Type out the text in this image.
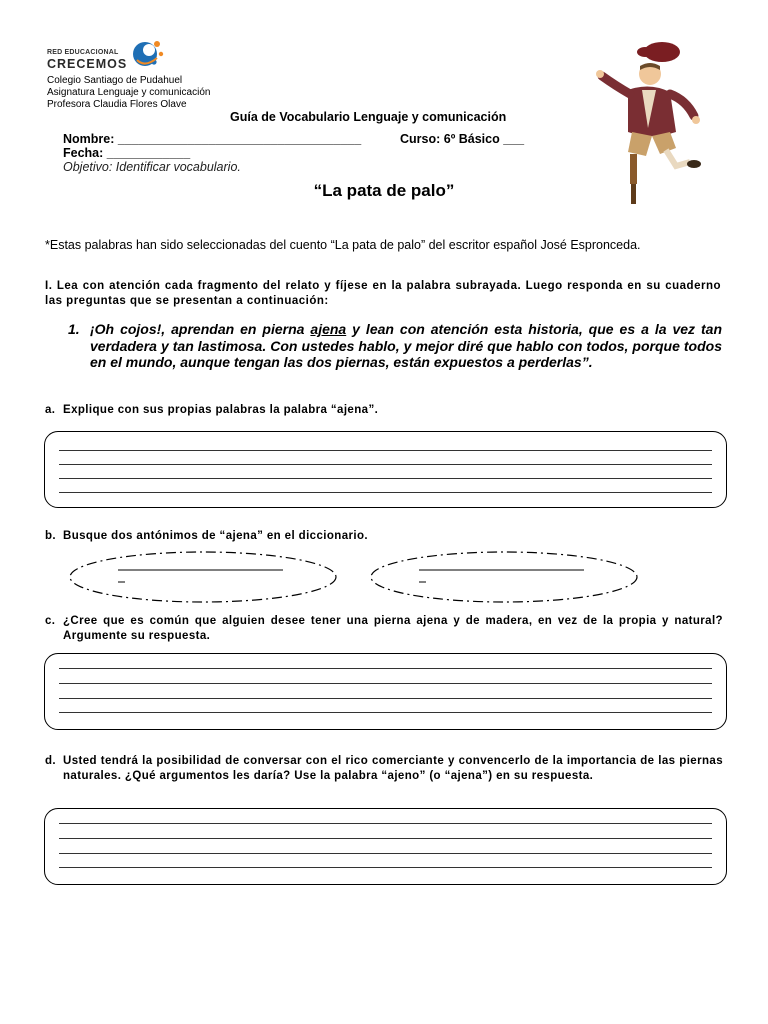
RED EDUCACIONAL
CRECEMOS
Colegio Santiago de Pudahuel
Asignatura Lenguaje y comunicación
Profesora Claudia Flores Olave
Guía de Vocabulario Lenguaje y comunicación
Nombre: ___________________________________	Curso: 6º Básico ___
Fecha: ____________
Objetivo: Identificar vocabulario.
“La pata de palo”
*Estas palabras han sido seleccionadas del cuento “La pata de palo” del escritor español José Espronceda.
I. Lea con atención cada fragmento del relato y fíjese en la palabra subrayada. Luego responda en su cuaderno las preguntas que se presentan a continuación:
1. ¡Oh cojos!, aprendan en pierna ajena y lean con atención esta historia, que es a la vez tan verdadera y tan lastimosa. Con ustedes hablo, y mejor diré que hablo con todos, porque todos en el mundo, aunque tengan las dos piernas, están expuestos a perderlas”.
a. Explique con sus propias palabras la palabra “ajena”.
b. Busque dos antónimos de “ajena” en el diccionario.
c. ¿Cree que es común que alguien desee tener una pierna ajena y de madera, en vez de la propia y natural? Argumente su respuesta.
d. Usted tendrá la posibilidad de conversar con el rico comerciante y convencerlo de la importancia de las piernas naturales. ¿Qué argumentos les daría? Use la palabra “ajeno” (o “ajena”) en su respuesta.
